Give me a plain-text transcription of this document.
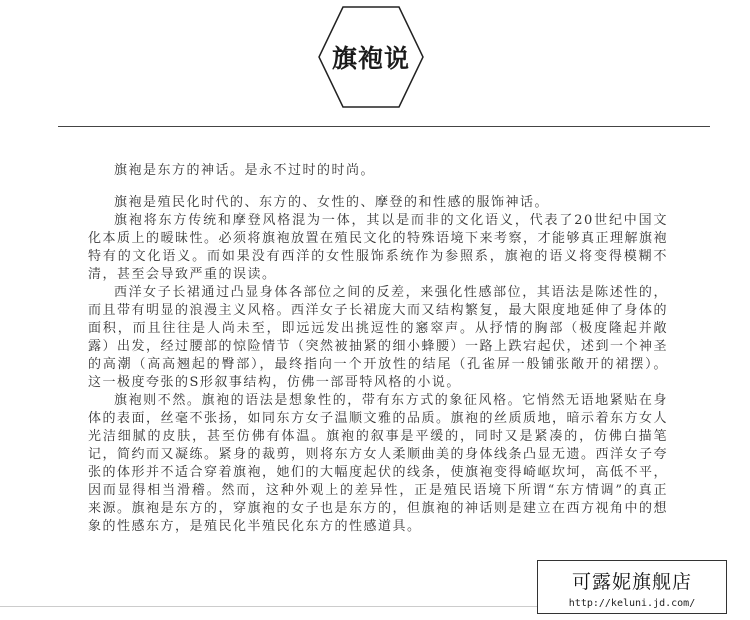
旗袍说

旗袍是东方的神话。是永不过时的时尚。

旗袍是殖民化时代的、东方的、女性的、摩登的和性感的服饰神话。

旗袍将东方传统和摩登风格混为一体，其以是而非的文化语义，代表了20世纪中国文化本质上的暧昧性。必须将旗袍放置在殖民文化的特殊语境下来考察，才能够真正理解旗袍特有的文化语义。而如果没有西洋的女性服饰系统作为参照系，旗袍的语义将变得模糊不清，甚至会导致严重的误读。

西洋女子长裙通过凸显身体各部位之间的反差，来强化性感部位，其语法是陈述性的，而且带有明显的浪漫主义风格。西洋女子长裙庞大而又结构繁复，最大限度地延伸了身体的面积，而且往往是人尚未至，即远远发出挑逗性的窸窣声。从抒情的胸部（极度隆起并敞露）出发，经过腰部的惊险情节（突然被抽紧的细小蜂腰）一路上跌宕起伏，述到一个神圣的高潮（高高翘起的臀部），最终指向一个开放性的结尾（孔雀屏一般铺张敞开的裙摆）。这一极度夸张的S形叙事结构，仿佛一部哥特风格的小说。

旗袍则不然。旗袍的语法是想象性的，带有东方式的象征风格。它悄然无语地紧贴在身体的表面，丝毫不张扬，如同东方女子温顺文雅的品质。旗袍的丝质质地，暗示着东方女人光洁细腻的皮肤，甚至仿佛有体温。旗袍的叙事是平缓的，同时又是紧凑的，仿佛白描笔记，简约而又凝练。紧身的裁剪，则将东方女人柔顺曲美的身体线条凸显无遗。西洋女子夸张的体形并不适合穿着旗袍，她们的大幅度起伏的线条，使旗袍变得崎岖坎坷，高低不平，因而显得相当滑稽。然而，这种外观上的差异性，正是殖民语境下所谓“东方情调”的真正来源。旗袍是东方的，穿旗袍的女子也是东方的，但旗袍的神话则是建立在西方视角中的想象的性感东方，是殖民化半殖民化东方的性感道具。

可露妮旗舰店
http://keluni.jd.com/
